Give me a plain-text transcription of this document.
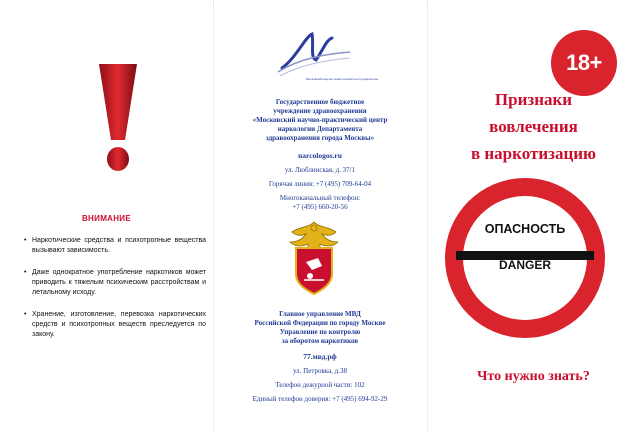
ВНИМАНИЕ
• Наркотические средства и психотропные вещества вызывают зависимость.
• Даже однократное употребление наркотиков может приводить к тяжелым психическим расстройствам и летальному исходу.
• Хранение, изготовление, перевозка наркотических средств и психотропных веществ преследуется по закону.
Московский научно-практический центр наркологии
Государственное бюджетное
учреждение здравоохранения
«Московский научно-практический центр
наркологии Департамента
здравоохранения города Москвы»
narcologos.ru
ул. Люблинская, д. 37/1
Горячая линия: +7 (495) 709-64-04
Многоканальный телефон:
+7 (495) 660-20-56
Главное управление МВД
Российской Федерации по городу Москве
Управление по контролю
за оборотом наркотиков
77.мвд.рф
ул. Петровка, д.38
Телефон дежурной части: 102
Единый телефон доверия: +7 (495) 694-92-29
18+
Признаки
вовлечения
в наркотизацию
ОПАСНОСТЬ
DANGER
Что нужно знать?
